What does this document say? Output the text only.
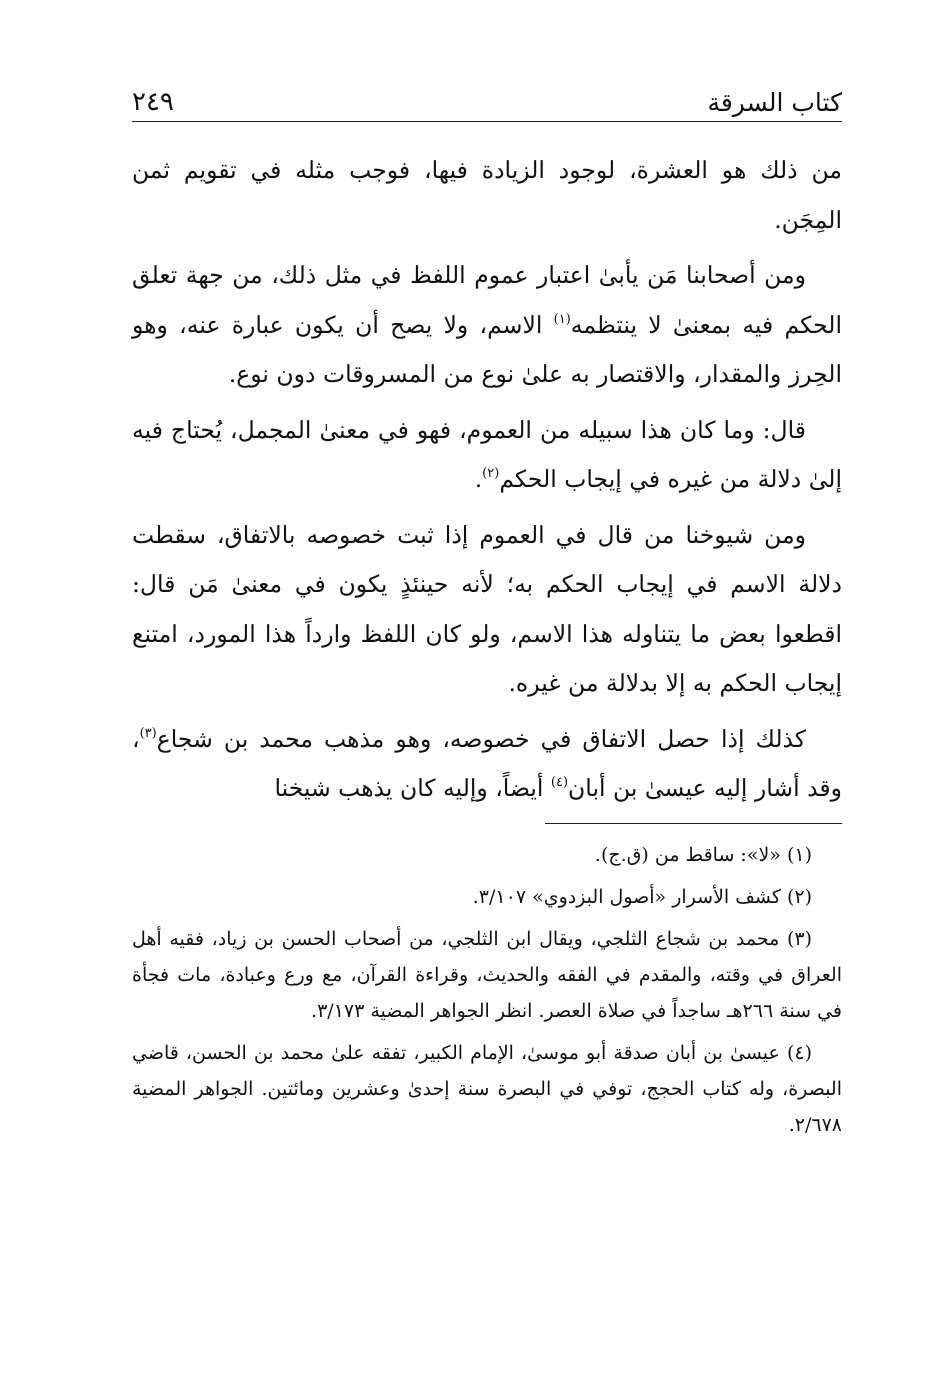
كتاب السرقة
٢٤٩

من ذلك هو العشرة، لوجود الزيادة فيها، فوجب مثله في تقويم ثمن المِجَن.

ومن أصحابنا مَن يأبىٰ اعتبار عموم اللفظ في مثل ذلك، من جهة تعلق الحكم فيه بمعنىٰ لا ينتظمه$^{(١)}$ الاسم، ولا يصح أن يكون عبارة عنه، وهو الحِرز والمقدار، والاقتصار به علىٰ نوع من المسروقات دون نوع.

قال: وما كان هذا سبيله من العموم، فهو في معنىٰ المجمل، يُحتاج فيه إلىٰ دلالة من غيره في إيجاب الحكم$^{(٢)}$.

ومن شيوخنا من قال في العموم إذا ثبت خصوصه بالاتفاق، سقطت دلالة الاسم في إيجاب الحكم به؛ لأنه حينئذٍ يكون في معنىٰ مَن قال: اقطعوا بعض ما يتناوله هذا الاسم، ولو كان اللفظ وارداً هذا المورد، امتنع إيجاب الحكم به إلا بدلالة من غيره.

كذلك إذا حصل الاتفاق في خصوصه، وهو مذهب محمد بن شجاع$^{(٣)}$، وقد أشار إليه عيسىٰ بن أبان$^{(٤)}$ أيضاً، وإليه كان يذهب شيخنا

(١) «لا»: ساقط من (ق.ج).

(٢) كشف الأسرار «أصول البزدوي» ٣/١٠٧.

(٣) محمد بن شجاع الثلجي، ويقال ابن الثلجي، من أصحاب الحسن بن زياد، فقيه أهل العراق في وقته، والمقدم في الفقه والحديث، وقراءة القرآن، مع ورع وعبادة، مات فجأة في سنة ٢٦٦هـ ساجداً في صلاة العصر. انظر الجواهر المضية ٣/١٧٣.

(٤) عيسىٰ بن أبان صدقة أبو موسىٰ، الإمام الكبير، تفقه علىٰ محمد بن الحسن، قاضي البصرة، وله كتاب الحجج، توفي في البصرة سنة إحدىٰ وعشرين ومائتين. الجواهر المضية ٢/٦٧٨.
